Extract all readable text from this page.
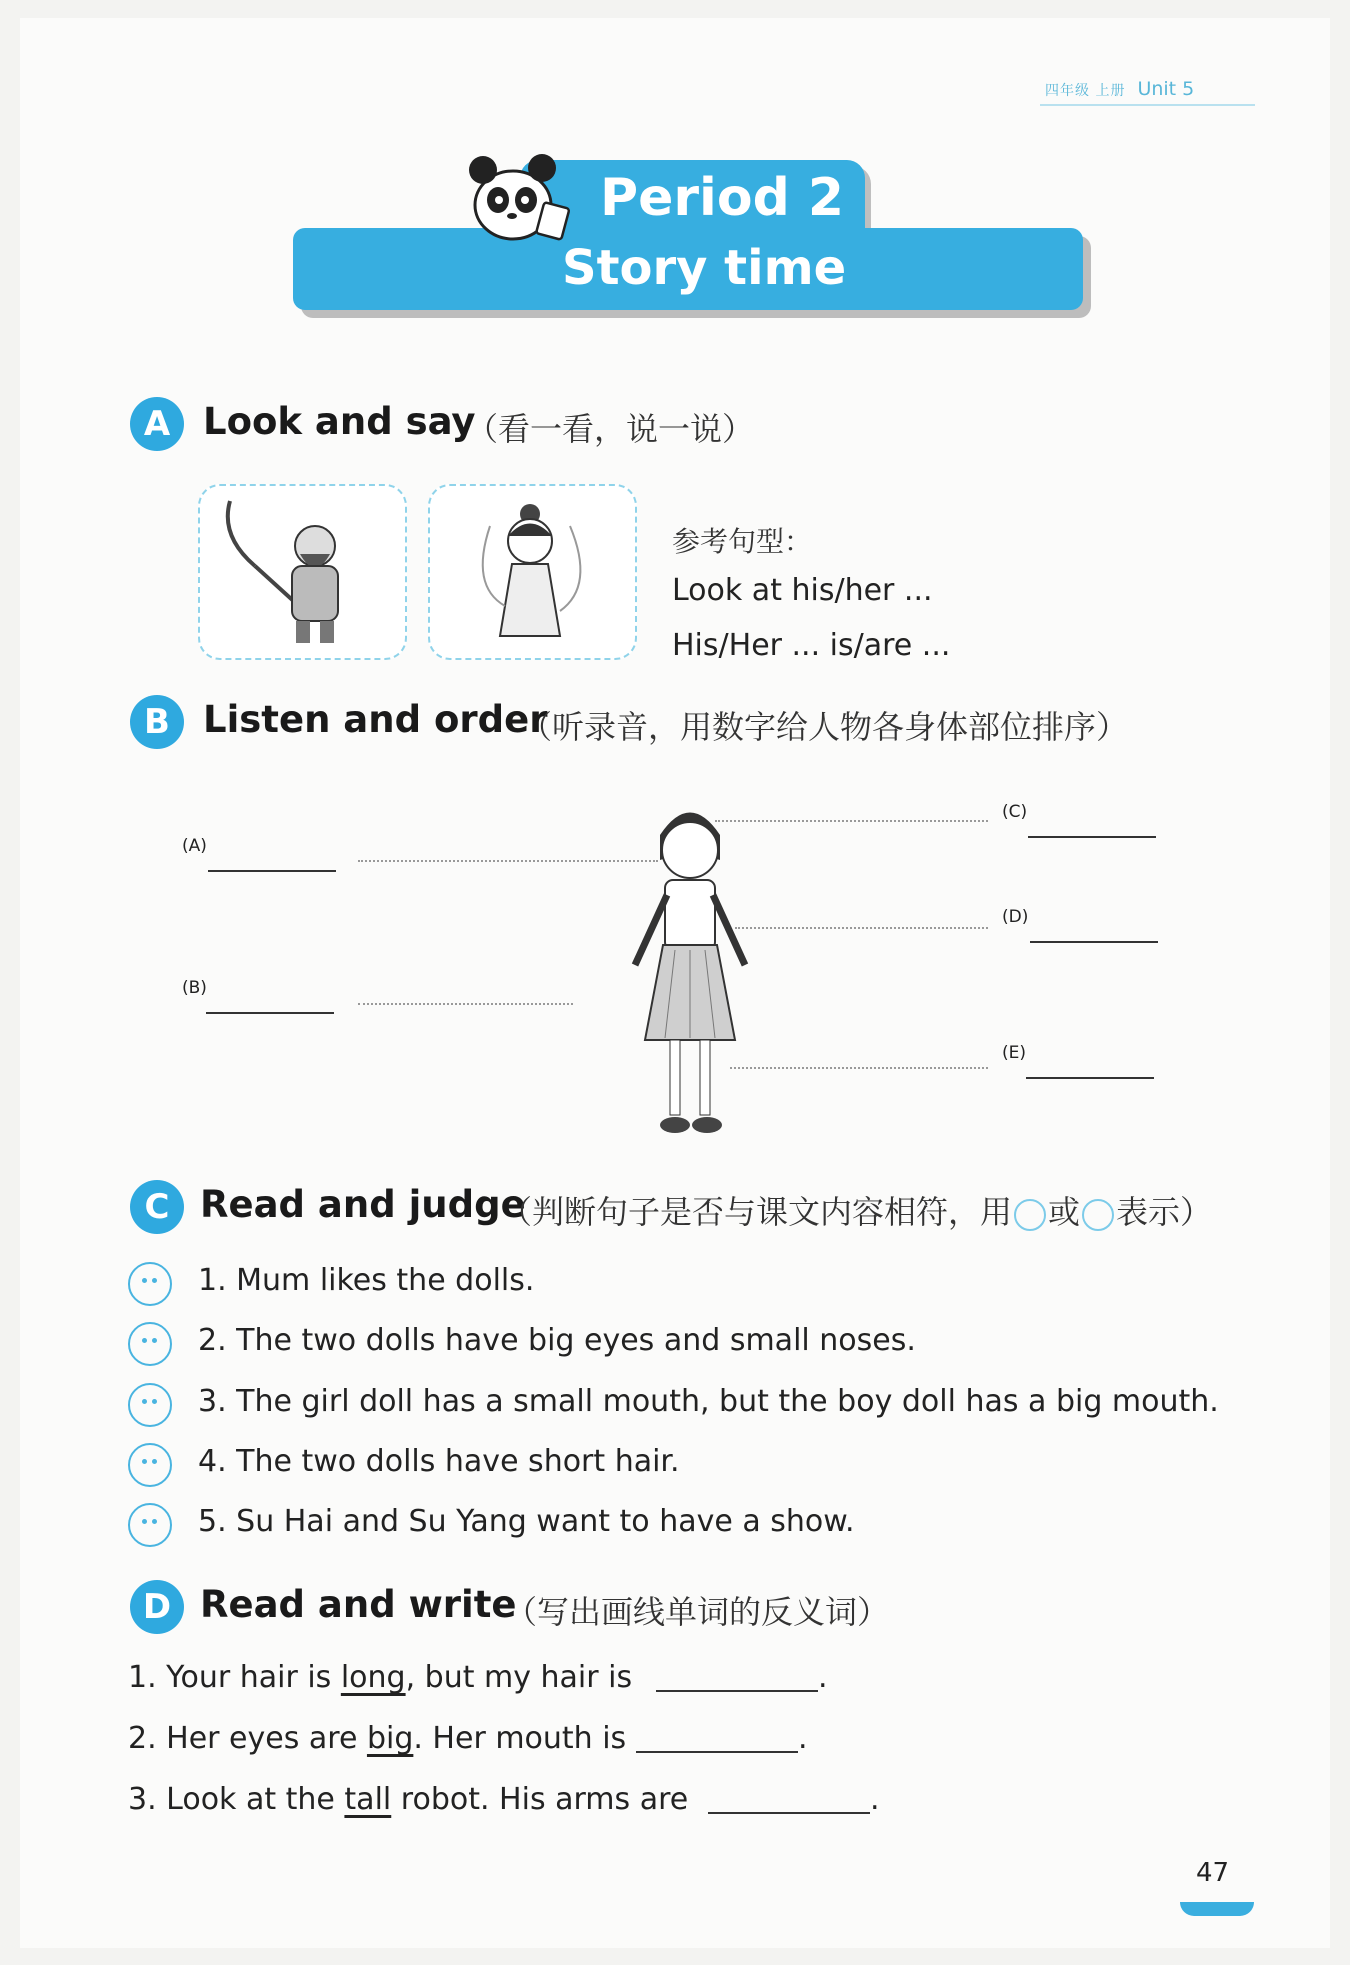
四年级 上册 Unit 5
Period 2
Story time
A Look and say
（看一看，说一说）
参考句型：
Look at his/her ...
His/Her ... is/are ...
B Listen and order
（听录音，用数字给人物各身体部位排序）
(A)
(B)
(C)
(D)
(E)
C Read and judge
（判断句子是否与课文内容相符，用 或 表示）
1. Mum likes the dolls.
2. The two dolls have big eyes and small noses.
3. The girl doll has a small mouth, but the boy doll has a big mouth.
4. The two dolls have short hair.
5. Su Hai and Su Yang want to have a show.
D Read and write
（写出画线单词的反义词）
1. Your hair is long, but my hair is	.
2. Her eyes are big. Her mouth is	.
3. Look at the tall robot. His arms are	.
47
